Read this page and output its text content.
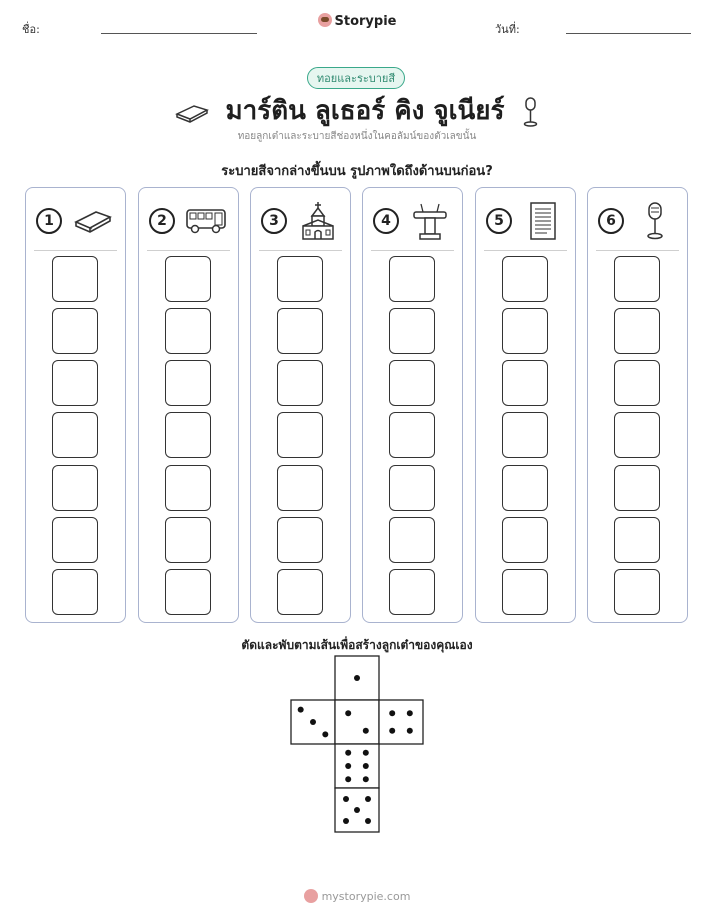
ชื่อ:
Storypie
วันที่:
ทอยและระบายสี
มาร์ติน ลูเธอร์ คิง จูเนียร์
ทอยลูกเต๋าและระบายสีช่องหนึ่งในคอลัมน์ของตัวเลขนั้น
ระบายสีจากล่างขึ้นบน รูปภาพใดถึงด้านบนก่อน?
1	2	3	4	5	6
ตัดและพับตามเส้นเพื่อสร้างลูกเต๋าของคุณเอง
mystorypie.com
